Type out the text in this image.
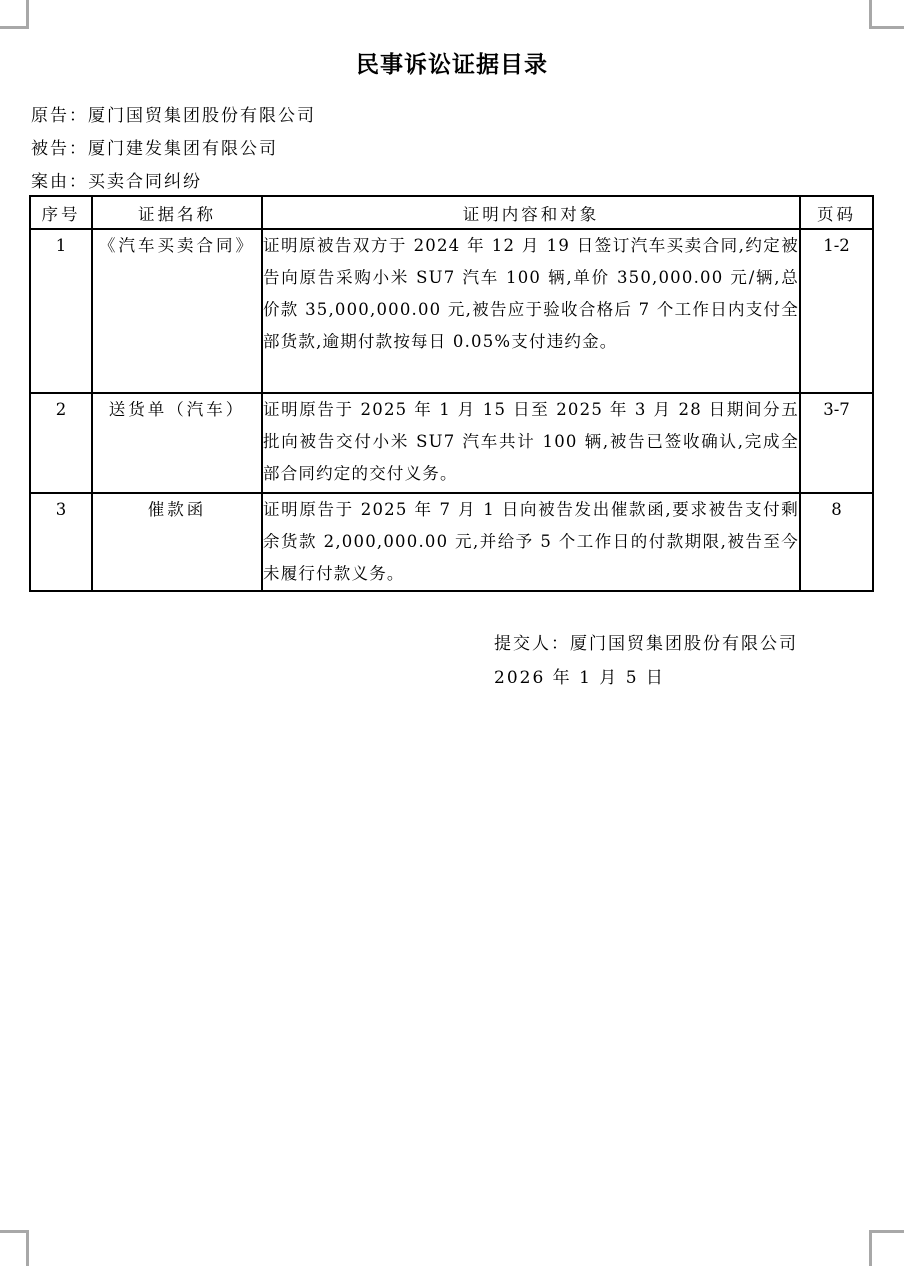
民事诉讼证据目录
原告：厦门国贸集团股份有限公司
被告：厦门建发集团有限公司
案由：买卖合同纠纷
序号	证据名称	证明内容和对象	页码
1	《汽车买卖合同》	证明原被告双方于 2024 年 12 月 19 日签订汽车买卖合同,约定被告向原告采购小米 SU7 汽车 100 辆,单价 350,000.00 元/辆,总价款 35,000,000.00 元,被告应于验收合格后 7 个工作日内支付全部货款,逾期付款按每日 0.05%支付违约金。	1-2
2	送货单（汽车）	证明原告于 2025 年 1 月 15 日至 2025 年 3 月 28 日期间分五批向被告交付小米 SU7 汽车共计 100 辆,被告已签收确认,完成全部合同约定的交付义务。	3-7
3	催款函	证明原告于 2025 年 7 月 1 日向被告发出催款函,要求被告支付剩余货款 2,000,000.00 元,并给予 5 个工作日的付款期限,被告至今未履行付款义务。	8
提交人：厦门国贸集团股份有限公司
2026 年 1 月 5 日
